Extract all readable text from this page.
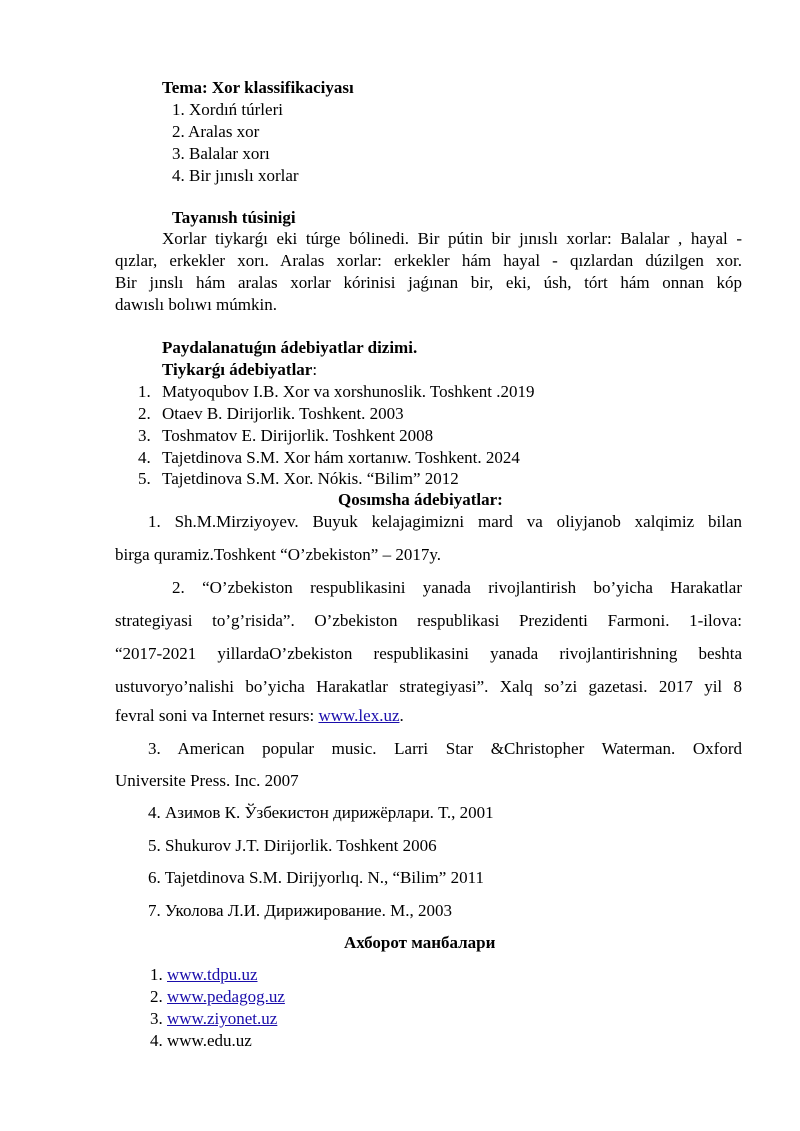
Tema: Xor klassifikaciyası
1. Xordıń túrleri
2. Aralas xor
3. Balalar xorı
4. Bir jınıslı xorlar
Tayanısh túsinigi
Xorlar tiykarǵı eki túrge bólinedi. Bir pútin bir jınıslı xorlar: Balalar , hayal -
qızlar, erkekler xorı. Aralas xorlar: erkekler hám hayal - qızlardan dúzilgen xor.
Bir jınslı hám aralas xorlar kórinisi jaǵınan bir, eki, úsh, tórt hám onnan kóp
dawıslı bolıwı múmkin.
Paydalanatuǵın ádebiyatlar dizimi.
Tiykarǵı ádebiyatlar:
1. Matyoqubov I.B. Xor va xorshunoslik. Toshkent .2019
2. Otaev B. Dirijorlik. Toshkent. 2003
3. Toshmatov E. Dirijorlik. Toshkent 2008
4. Tajetdinova S.M. Xor hám xortanıw. Toshkent. 2024
5. Tajetdinova S.M. Xor. Nókis. “Bilim” 2012
Qosımsha ádebiyatlar:
1. Sh.M.Mirziyoyev. Buyuk kelajagimizni mard va oliyjanob xalqimiz bilan
birga quramiz.Toshkent “O’zbekiston” – 2017y.
2. “O’zbekiston respublikasini yanada rivojlantirish bo’yicha Harakatlar
strategiyasi to’g’risida”. O’zbekiston respublikasi Prezidenti Farmoni. 1-ilova:
“2017-2021 yillardaO’zbekiston respublikasini yanada rivojlantirishning beshta
ustuvoryo’nalishi bo’yicha Harakatlar strategiyasi”. Xalq so’zi gazetasi. 2017 yil 8
fevral soni va Internet resurs: www.lex.uz.
3. American popular music. Larri Star &Christopher Waterman. Oxford
Universite Press. Inc. 2007
4. Азимов К. Ўзбекистон дирижёрлари. Т., 2001
5. Shukurov J.T. Dirijorlik. Toshkent 2006
6. Tajetdinova S.M. Dirijyorlıq. N., “Bilim” 2011
7. Уколова Л.И. Дирижирование. М., 2003
Ахборот манбалари
1. www.tdpu.uz
2. www.pedagog.uz
3. www.ziyonet.uz
4. www.edu.uz
